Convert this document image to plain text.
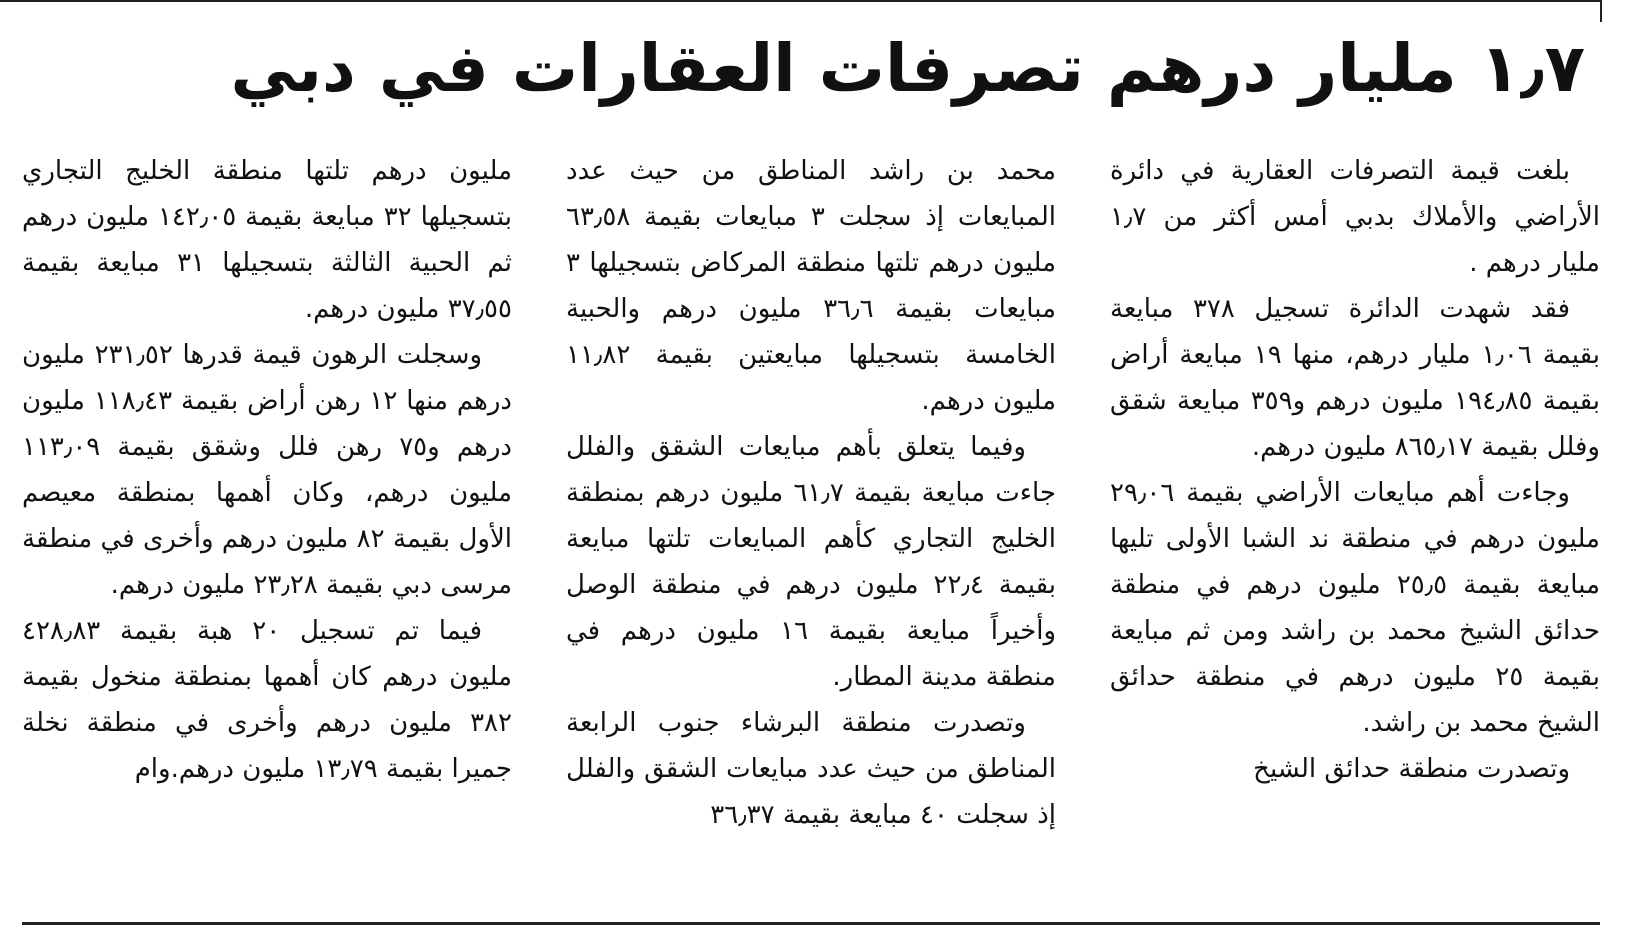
١٫٧ مليار درهم تصرفات العقارات في دبي

بلغت قيمة التصرفات العقارية في دائرة الأراضي والأملاك بدبي أمس أكثر من ١٫٧ مليار درهم .

فقد شهدت الدائرة تسجيل ٣٧٨ مبايعة بقيمة ١٫٠٦ مليار درهم، منها ١٩ مبايعة أراض بقيمة ١٩٤٫٨٥ مليون درهم و٣٥٩ مبايعة شقق وفلل بقيمة ٨٦٥٫١٧ مليون درهم.

وجاءت أهم مبايعات الأراضي بقيمة ٢٩٫٠٦ مليون درهم في منطقة ند الشبا الأولى تليها مبايعة بقيمة ٢٥٫٥ مليون درهم في منطقة حدائق الشيخ محمد بن راشد ومن ثم مبايعة بقيمة ٢٥ مليون درهم في منطقة حدائق الشيخ محمد بن راشد.

وتصدرت منطقة حدائق الشيخ

محمد بن راشد المناطق من حيث عدد المبايعات إذ سجلت ٣ مبايعات بقيمة ٦٣٫٥٨ مليون درهم تلتها منطقة المركاض بتسجيلها ٣ مبايعات بقيمة ٣٦٫٦ مليون درهم والحبية الخامسة بتسجيلها مبايعتين بقيمة ١١٫٨٢ مليون درهم.

وفيما يتعلق بأهم مبايعات الشقق والفلل جاءت مبايعة بقيمة ٦١٫٧ مليون درهم بمنطقة الخليج التجاري كأهم المبايعات تلتها مبايعة بقيمة ٢٢٫٤ مليون درهم في منطقة الوصل وأخيراً مبايعة بقيمة ١٦ مليون درهم في منطقة مدينة المطار.

وتصدرت منطقة البرشاء جنوب الرابعة المناطق من حيث عدد مبايعات الشقق والفلل إذ سجلت ٤٠ مبايعة بقيمة ٣٦٫٣٧

مليون درهم تلتها منطقة الخليج التجاري بتسجيلها ٣٢ مبايعة بقيمة ١٤٢٫٠٥ مليون درهم ثم الحبية الثالثة بتسجيلها ٣١ مبايعة بقيمة ٣٧٫٥٥ مليون درهم.

وسجلت الرهون قيمة قدرها ٢٣١٫٥٢ مليون درهم منها ١٢ رهن أراض بقيمة ١١٨٫٤٣ مليون درهم و٧٥ رهن فلل وشقق بقيمة ١١٣٫٠٩ مليون درهم، وكان أهمها بمنطقة معيصم الأول بقيمة ٨٢ مليون درهم وأخرى في منطقة مرسى دبي بقيمة ٢٣٫٢٨ مليون درهم.

فيما تم تسجيل ٢٠ هبة بقيمة ٤٢٨٫٨٣ مليون درهم كان أهمها بمنطقة منخول بقيمة ٣٨٢ مليون درهم وأخرى في منطقة نخلة جميرا بقيمة ١٣٫٧٩ مليون درهم.وام
